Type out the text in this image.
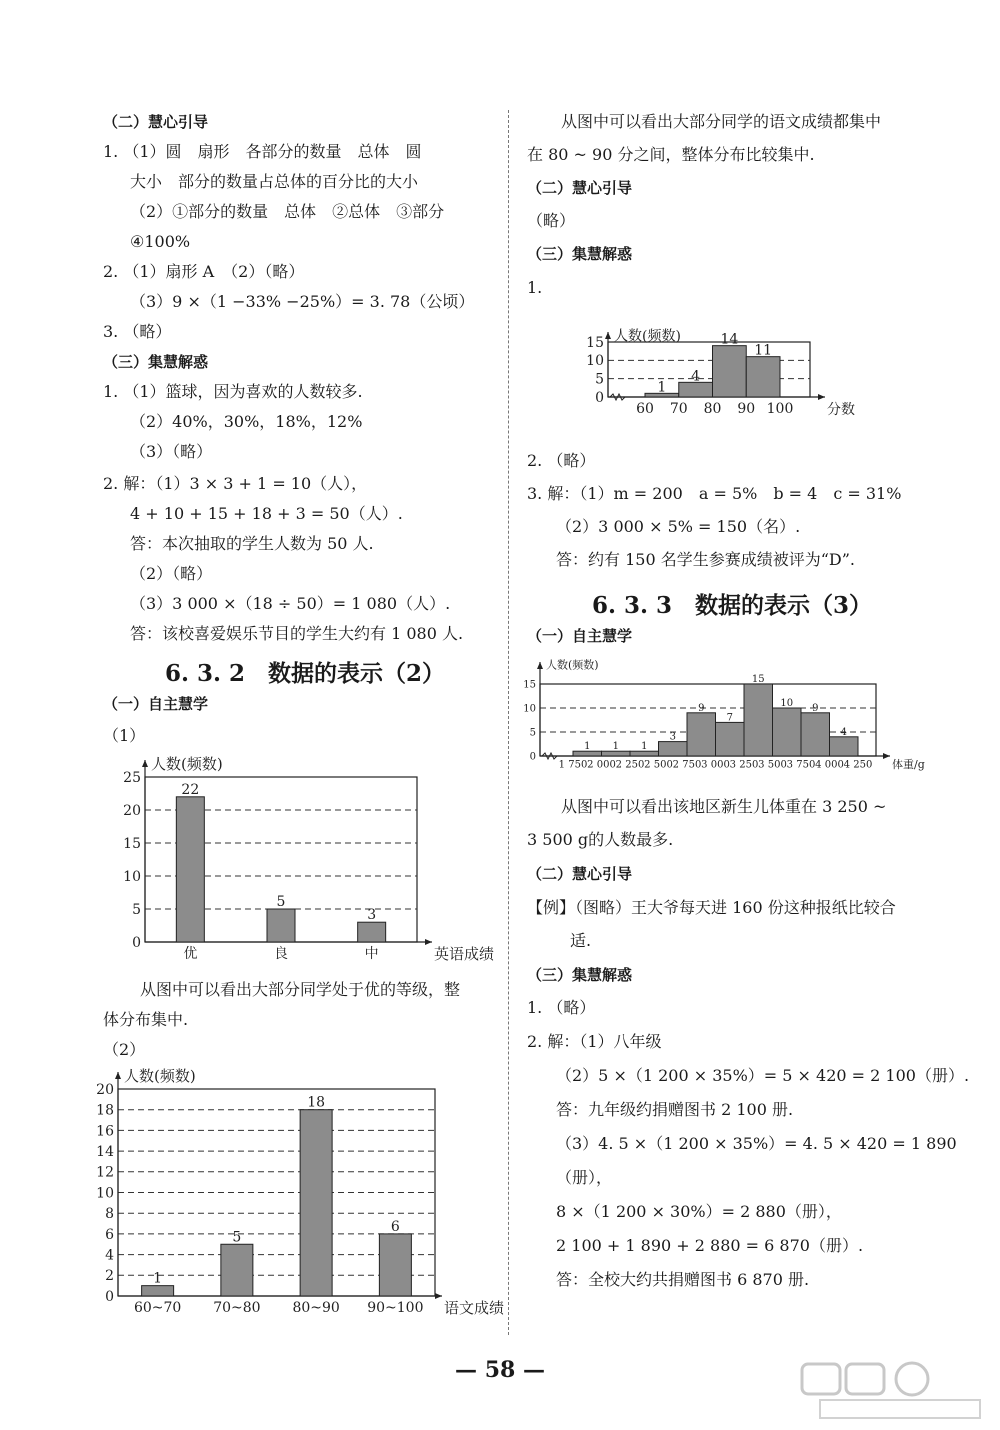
（二）慧心引导
1. （1）圆　扇形　各部分的数量　总体　圆
大小　部分的数量占总体的百分比的大小
（2）①部分的数量　总体　②总体　③部分
④100%
2. （1）扇形 A　（2）（略）
（3）9 ×（1 −33% −25%）= 3. 78（公顷）
3. （略）
（三）集慧解惑
1. （1）篮球，因为喜欢的人数较多.
（2）40%，30%，18%，12%
（3）（略）
2. 解：（1）3 × 3 + 1 = 10（人），
4 + 10 + 15 + 18 + 3 = 50（人）.
答：本次抽取的学生人数为 50 人.
（2）（略）
（3）3 000 ×（18 ÷ 50）= 1 080（人）.
答：该校喜爱娱乐节目的学生大约有 1 080 人.
6. 3. 2　数据的表示（2）
（一）自主慧学
（1）
0
5
10
15
20
25
人数(频数)
英语成绩
22
优
5
良
3
中
从图中可以看出大部分同学处于优的等级，整
体分布集中.
（2）
0
2
4
6
8
10
12
14
16
18
20
人数(频数)
语文成绩
1
60~70
5
70~80
18
80~90
6
90~100
从图中可以看出大部分同学的语文成绩都集中
在 80 ~ 90 分之间，整体分布比较集中.
（二）慧心引导
（略）
（三）集慧解惑
1.
0
5
10
15 人数(频数)
分数
1
4
14
11
60 70 80 90 100
2. （略）
3. 解：（1）m = 200　a = 5%　b = 4　c = 31%
（2）3 000 × 5% = 150（名）.
答：约有 150 名学生参赛成绩被评为“D”.
6. 3. 3　数据的表示（3）
（一）自主慧学
0
5
10
15
人数(频数)
体重/g
1 1 1
3
9
7
15
10 9
4
1 750 2 000 2 250 2 500 2 750 3 000 3 250 3 500 3 750 4 000 4 250
从图中可以看出该地区新生儿体重在 3 250 ~
3 500 g的人数最多.
（二）慧心引导
【例】（图略）王大爷每天进 160 份这种报纸比较合
适.
（三）集慧解惑
1. （略）
2. 解：（1）八年级
（2）5 ×（1 200 × 35%）= 5 × 420 = 2 100（册）.
答：九年级约捐赠图书 2 100 册.
（3）4. 5 ×（1 200 × 35%）= 4. 5 × 420 = 1 890
（册），
8 ×（1 200 × 30%）= 2 880（册），
2 100 + 1 890 + 2 880 = 6 870（册）.
答：全校大约共捐赠图书 6 870 册.
— 58 —
